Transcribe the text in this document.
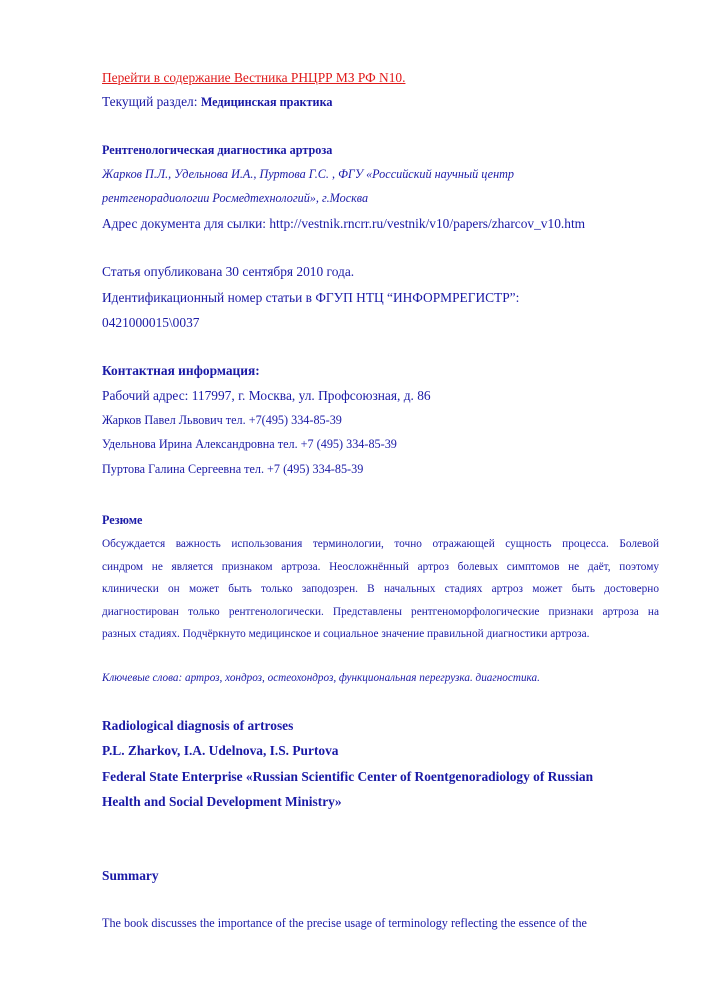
Перейти в содержание Вестника РНЦРР МЗ РФ N10.
Текущий раздел: Медицинская практика
Рентгенологическая диагностика артроза
Жарков П.Л., Удельнова И.А., Пуртова Г.С. , ФГУ «Российский научный центр
рентгенорадиологии Росмедтехнологий», г.Москва
Адрес документа для сылки: http://vestnik.rncrr.ru/vestnik/v10/papers/zharcov_v10.htm
Статья опубликована 30 сентября 2010 года.
Идентификационный номер статьи в ФГУП НТЦ “ИНФОРМРЕГИСТР”:
0421000015\0037
Контактная информация:
Рабочий адрес: 117997, г. Москва, ул. Профсоюзная, д. 86
Жарков Павел Львович тел. +7(495) 334-85-39
Удельнова Ирина Александровна тел. +7 (495) 334-85-39
Пуртова Галина Сергеевна тел. +7 (495) 334-85-39
Резюме
Обсуждается важность использования терминологии, точно отражающей сущность процесса. Болевой
синдром не является признаком артроза. Неосложнённый артроз болевых симптомов не даёт, поэтому
клинически он может быть только заподозрен. В начальных стадиях артроз может быть достоверно
диагностирован только рентгенологически. Представлены рентгеноморфологические признаки артроза на
разных стадиях. Подчёркнуто медицинское и социальное значение правильной диагностики артроза.
Ключевые слова: артроз, хондроз, остеохондроз, функциональная перегрузка. диагностика.
Radiological diagnosis of artroses
P.L. Zharkov, I.A. Udelnova, I.S. Purtova
Federal State Enterprise «Russian Scientific Center of Roentgenoradiology of Russian
Health and Social Development Ministry»
Summary
The book discusses the importance of the precise usage of terminology reflecting the essence of the
